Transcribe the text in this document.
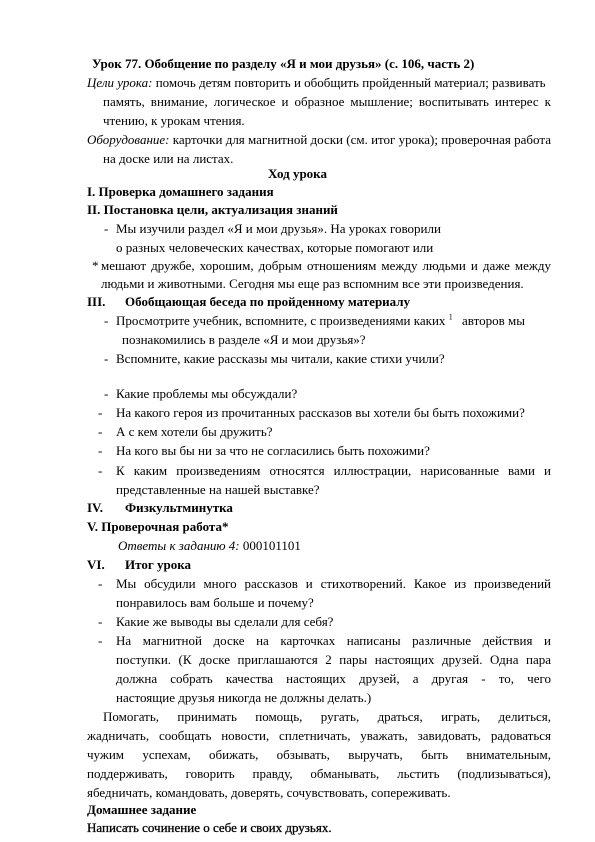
Урок 77. Обобщение по разделу «Я и мои друзья» (с. 106, часть 2)
Цели урока: помочь детям повторить и обобщить пройденный материал; развивать
память, внимание, логическое и образное мышление; воспитывать интерес к
чтению, к урокам чтения.
Оборудование: карточки для магнитной доски (см. итог урока); проверочная работа
на доске или на листах.
Ход урока
I. Проверка домашнего задания
II. Постановка цели, актуализация знаний
- Мы изучили раздел «Я и мои друзья». На уроках говорили
о разных человеческих качествах, которые помогают или
* мешают дружбе, хорошим, добрым отношениям между людьми и даже между
людьми и животными. Сегодня мы еще раз вспомним все эти произведения.
III. Обобщающая беседа по пройденному материалу
- Просмотрите учебник, вспомните, с произведениями каких $^1$ авторов мы
познакомились в разделе «Я и мои друзья»?
- Вспомните, какие рассказы мы читали, какие стихи учили?
- Какие проблемы мы обсуждали?
- На какого героя из прочитанных рассказов вы хотели бы быть похожими?
- А с кем хотели бы дружить?
- На кого вы бы ни за что не согласились быть похожими?
- К каким произведениям относятся иллюстрации, нарисованные вами и
представленные на нашей выставке?
IV. Физкультминутка
V. Проверочная работа*
Ответы к заданию 4: 000101101
VI. Итог урока
- Мы обсудили много рассказов и стихотворений. Какое из произведений
понравилось вам больше и почему?
- Какие же выводы вы сделали для себя?
- На магнитной доске на карточках написаны различные действия и
поступки. (К доске приглашаются 2 пары настоящих друзей. Одна пара
должна собрать качества настоящих друзей, а другая - то, чего
настоящие друзья никогда не должны делать.)
Помогать, принимать помощь, ругать, драться, играть, делиться,
жадничать, сообщать новости, сплетничать, уважать, завидовать, радоваться
чужим успехам, обижать, обзывать, выручать, быть внимательным,
поддерживать, говорить правду, обманывать, льстить (подлизываться),
ябедничать, командовать, доверять, сочувствовать, сопереживать.
Домашнее задание
Написать сочинение о себе и своих друзьях.
